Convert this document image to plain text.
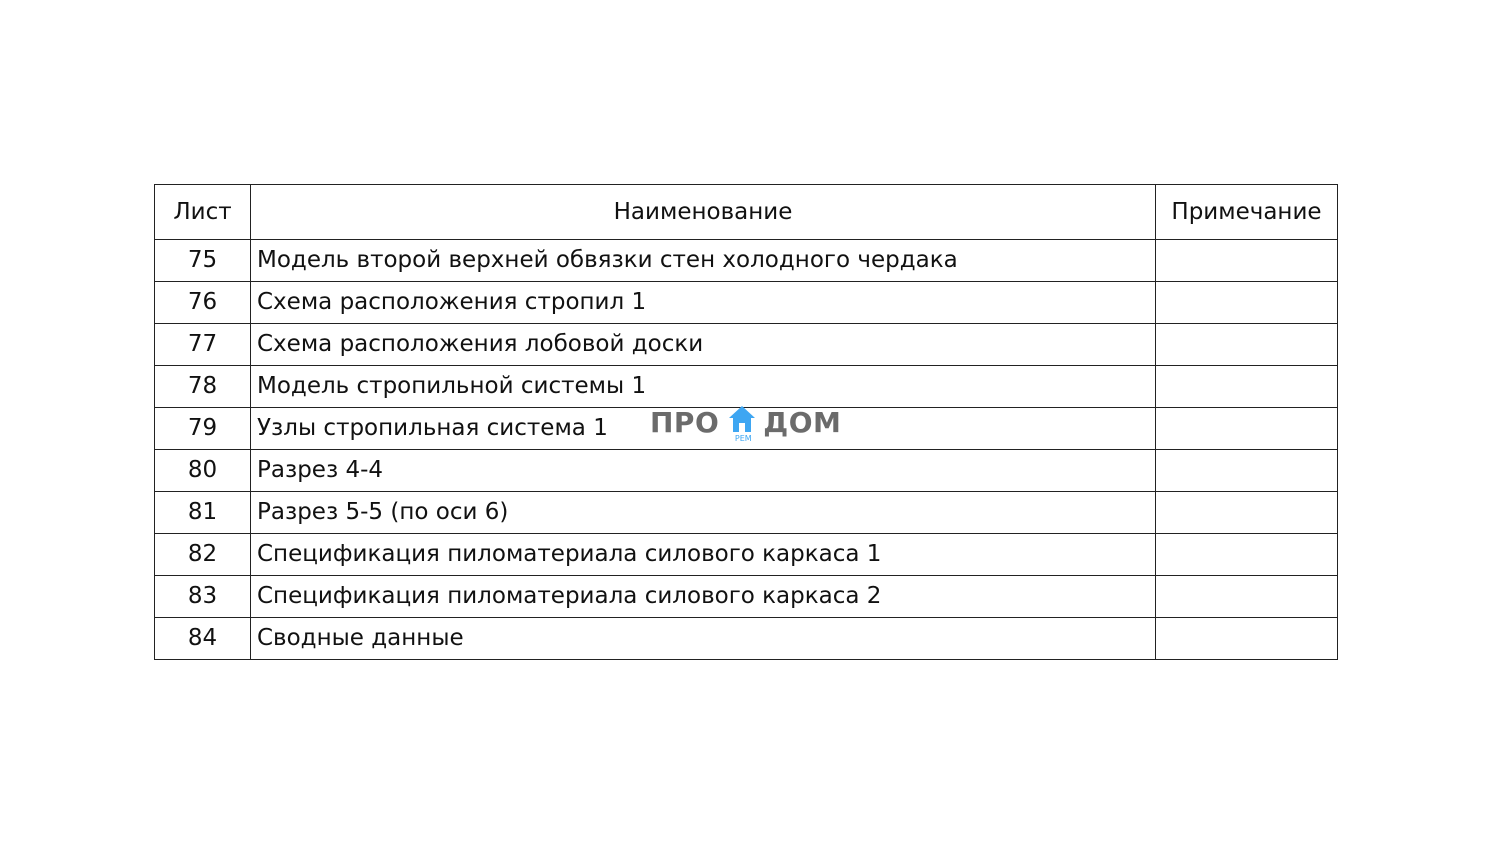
Лист	Наименование	Примечание
75	Модель второй верхней обвязки стен холодного чердака	
76	Схема расположения стропил 1	
77	Схема расположения лобовой доски	
78	Модель стропильной системы 1	
79	Узлы стропильная система 1	
80	Разрез 4-4	
81	Разрез 5-5 (по оси 6)	
82	Спецификация пиломатериала силового каркаса 1	
83	Спецификация пиломатериала силового каркаса 2	
84	Сводные данные	
ПРО	РЕМ ДОМ
